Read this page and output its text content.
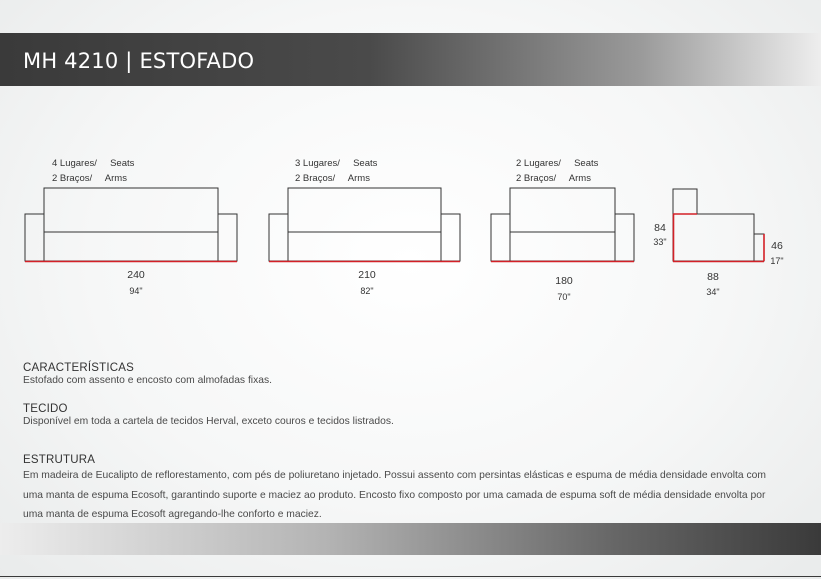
MH 4210 | ESTOFADO
4 Lugares/     Seats
2 Braços/     Arms
240
94"
3 Lugares/     Seats
2 Braços/     Arms
210
82"
2 Lugares/     Seats
2 Braços/     Arms
180
70"
84
33"	46
17"
88
34"
CARACTERÍSTICAS
Estofado com assento e encosto com almofadas fixas.
TECIDO
Disponível em toda a cartela de tecidos Herval, exceto couros e tecidos listrados.
ESTRUTURA
Em madeira de Eucalipto de reflorestamento, com pés de poliuretano injetado. Possui assento com persintas elásticas e espuma de média densidade envolta com uma manta de espuma Ecosoft, garantindo suporte e maciez ao produto. Encosto fixo composto por uma camada de espuma soft de média densidade envolta por uma manta de espuma Ecosoft agregando-lhe conforto e maciez.
